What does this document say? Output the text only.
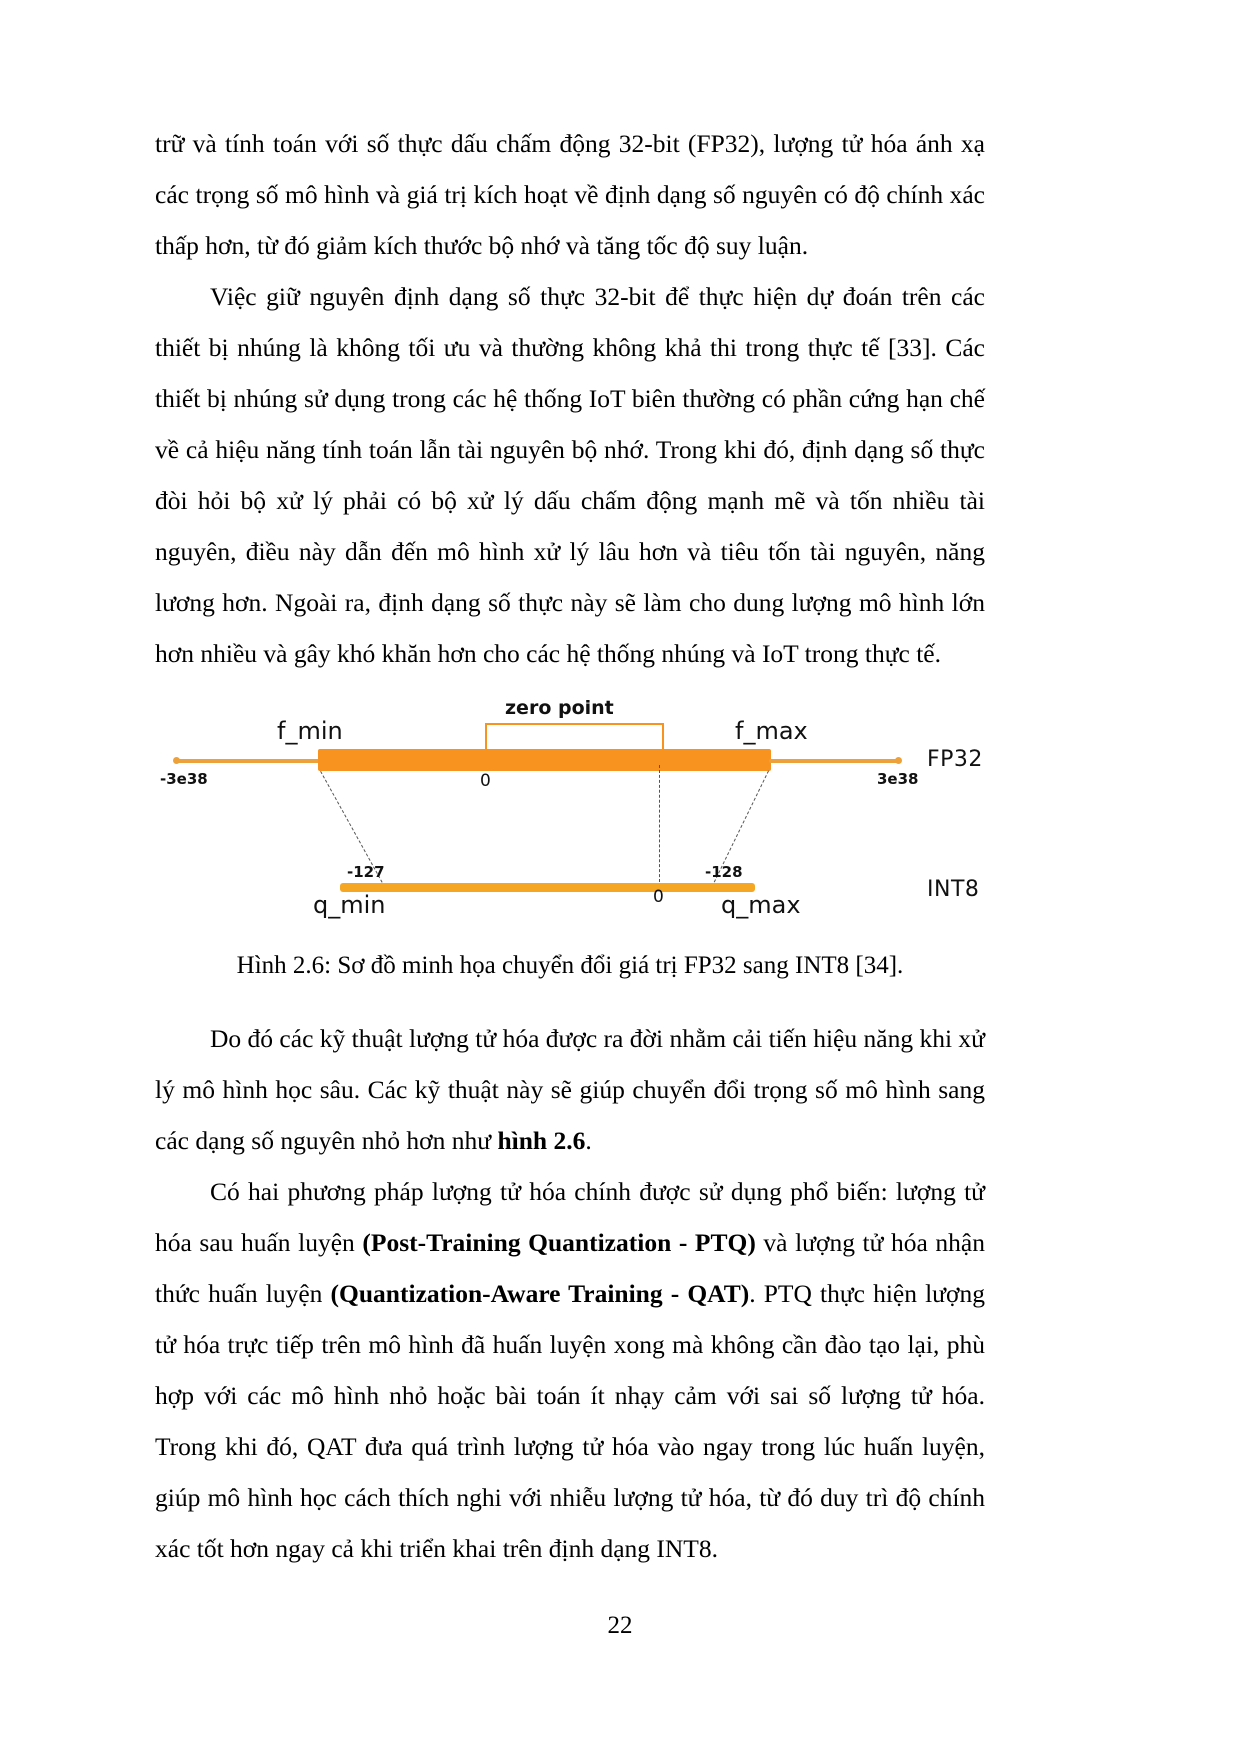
trữ và tính toán với số thực dấu chấm động 32-bit (FP32), lượng tử hóa ánh xạ các trọng số mô hình và giá trị kích hoạt về định dạng số nguyên có độ chính xác thấp hơn, từ đó giảm kích thước bộ nhớ và tăng tốc độ suy luận.

Việc giữ nguyên định dạng số thực 32-bit để thực hiện dự đoán trên các thiết bị nhúng là không tối ưu và thường không khả thi trong thực tế [33]. Các thiết bị nhúng sử dụng trong các hệ thống IoT biên thường có phần cứng hạn chế về cả hiệu năng tính toán lẫn tài nguyên bộ nhớ. Trong khi đó, định dạng số thực đòi hỏi bộ xử lý phải có bộ xử lý dấu chấm động mạnh mẽ và tốn nhiều tài nguyên, điều này dẫn đến mô hình xử lý lâu hơn và tiêu tốn tài nguyên, năng lương hơn. Ngoài ra, định dạng số thực này sẽ làm cho dung lượng mô hình lớn hơn nhiều và gây khó khăn hơn cho các hệ thống nhúng và IoT trong thực tế.

zero point
f_min	f_max
-3e38	3e38
0
FP32
INT8
-127	-128
0
q_min	q_max
Hình 2.6: Sơ đồ minh họa chuyển đổi giá trị FP32 sang INT8 [34].

Do đó các kỹ thuật lượng tử hóa được ra đời nhằm cải tiến hiệu năng khi xử lý mô hình học sâu. Các kỹ thuật này sẽ giúp chuyển đổi trọng số mô hình sang các dạng số nguyên nhỏ hơn như hình 2.6.

Có hai phương pháp lượng tử hóa chính được sử dụng phổ biến: lượng tử hóa sau huấn luyện (Post-Training Quantization - PTQ) và lượng tử hóa nhận thức huấn luyện (Quantization-Aware Training - QAT). PTQ thực hiện lượng tử hóa trực tiếp trên mô hình đã huấn luyện xong mà không cần đào tạo lại, phù hợp với các mô hình nhỏ hoặc bài toán ít nhạy cảm với sai số lượng tử hóa. Trong khi đó, QAT đưa quá trình lượng tử hóa vào ngay trong lúc huấn luyện, giúp mô hình học cách thích nghi với nhiễu lượng tử hóa, từ đó duy trì độ chính xác tốt hơn ngay cả khi triển khai trên định dạng INT8.

22
